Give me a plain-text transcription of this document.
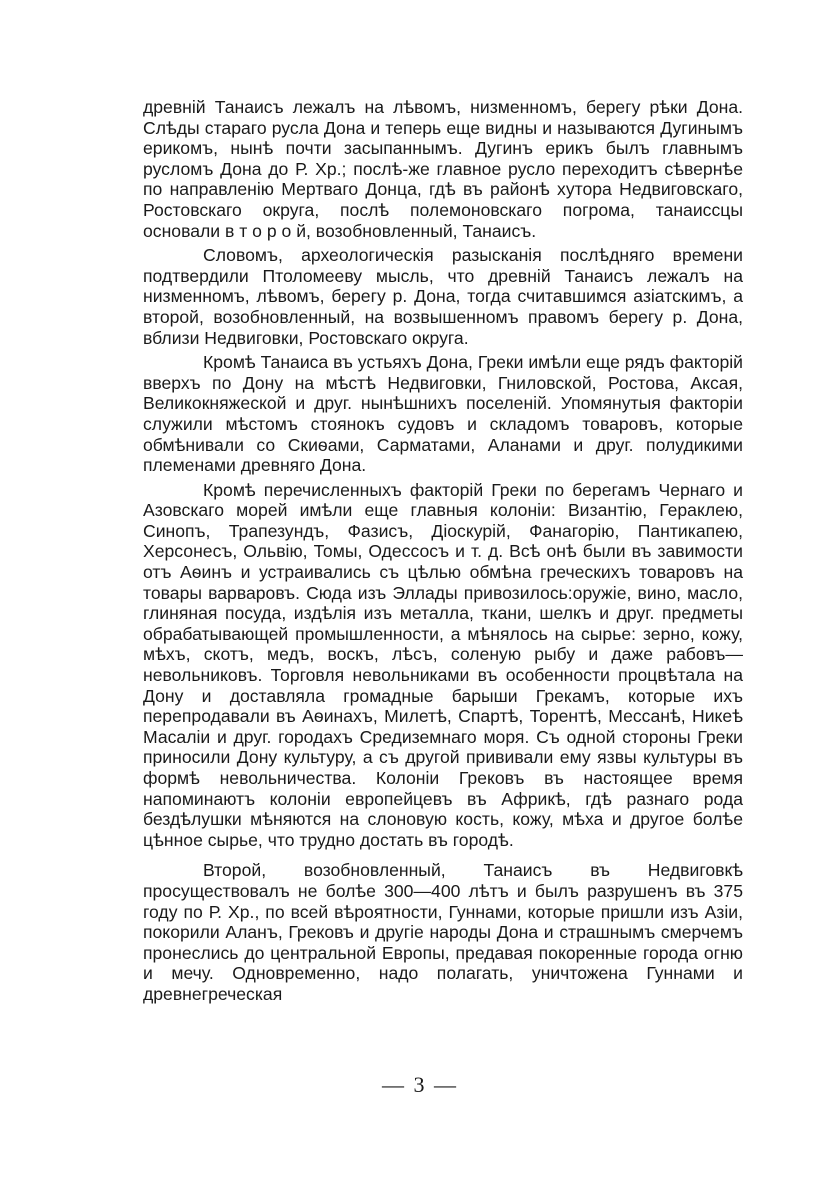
древнiй Танаисъ лежалъ на лѣвомъ, низменномъ, берегу рѣки Дона. Слѣды стараго русла Дона и теперь еще видны и называются Дугинымъ ерикомъ, нынѣ почти засыпаннымъ. Дугинъ ерикъ былъ главнымъ русломъ Дона до Р. Хр.; послѣ-же главное русло переходитъ сѣвернѣе по направленiю Мертваго Донца, гдѣ въ районѣ хутора Недвиговскаго, Ростовскаго округа, послѣ полемоновскаго погрома, танаиссцы основали в т о р о й, возобновленный, Танаисъ.

Словомъ, археологическiя разысканiя послѣдняго времени подтвердили Птоломееву мысль, что древнiй Танаисъ лежалъ на низменномъ, лѣвомъ, берегу р. Дона, тогда считавшимся азiатскимъ, а второй, возобновленный, на возвышенномъ правомъ берегу р. Дона, вблизи Недвиговки, Ростовскаго округа.

Кромѣ Танаиса въ устьяхъ Дона, Греки имѣли еще рядъ факторiй вверхъ по Дону на мѣстѣ Недвиговки, Гниловской, Ростова, Аксая, Великокняжеской и друг. нынѣшнихъ поселенiй. Упомянутыя факторiи служили мѣстомъ стоянокъ судовъ и складомъ товаровъ, которые обмѣнивали со Скиѳами, Сарматами, Аланами и друг. полудикими племенами древняго Дона.

Кромѣ перечисленныхъ факторiй Греки по берегамъ Чернаго и Азовскаго морей имѣли еще главныя колонiи: Византiю, Гераклею, Синопъ, Трапезундъ, Фазисъ, Дiоскурiй, Фанагорiю, Пантикапею, Херсонесъ, Ольвiю, Томы, Одессосъ и т. д. Всѣ онѣ были въ завимости отъ Аѳинъ и устраивались съ цѣлью обмѣна греческихъ товаровъ на товары варваровъ. Сюда изъ Эллады привозилось:оружiе, вино, масло, глиняная посуда, издѣлiя изъ металла, ткани, шелкъ и друг. предметы обрабатывающей промышленности, а мѣнялось на сырье: зерно, кожу, мѣхъ, скотъ, медъ, воскъ, лѣсъ, соленую рыбу и даже рабовъ—невольниковъ. Торговля невольниками въ особенности процвѣтала на Дону и доставляла громадные барыши Грекамъ, которые ихъ перепродавали въ Аѳинахъ, Милетѣ, Спартѣ, Торентѣ, Мессанѣ, Никеѣ Масалiи и друг. городахъ Средиземнаго моря. Съ одной стороны Греки приносили Дону культуру, а съ другой прививали ему язвы культуры въ формѣ невольничества. Колонiи Грековъ въ настоящее время напоминаютъ колонiи европейцевъ въ Африкѣ, гдѣ разнаго рода бездѣлушки мѣняются на слоновую кость, кожу, мѣха и другое болѣе цѣнное сырье, что трудно достать въ городѣ.

Второй, возобновленный, Танаисъ въ Недвиговкѣ просуществовалъ не болѣе 300—400 лѣтъ и былъ разрушенъ въ 375 году по Р. Хр., по всей вѣроятности, Гуннами, которые пришли изъ Азiи, покорили Аланъ, Грековъ и другiе народы Дона и страшнымъ смерчемъ пронеслись до центральной Европы, предавая покоренные города огню и мечу. Одновременно, надо полагать, уничтожена Гуннами и древнегреческая

— 3 —
